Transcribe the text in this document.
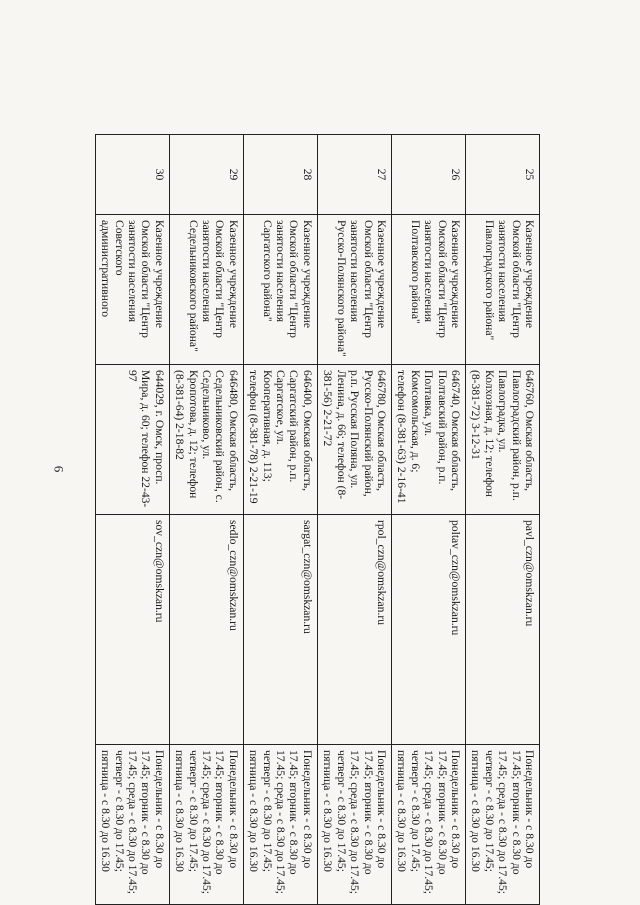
6
25	Казенное учреждение Омской области "Центр занятости населения Павлоградского района"	646760, Омская область, Павлоградский район, р.п. Павлоградка, ул. Колхозная, д. 12; телефон (8-381-72) 3-12-31	pavl_czn@omskzan.ru	Понедельник - с 8.30 до 17.45; вторник - с 8.30 до 17.45; среда - с 8.30 до 17.45; четверг - с 8.30 до 17.45; пятница - с 8.30 до 16.30
26	Казенное учреждение Омской области "Центр занятости населения Полтавского района"	646740, Омская область, Полтавский район, р.п. Полтавка, ул. Комсомольская, д. 6; телефон (8-381-63) 2-16-41	poltav_czn@omskzan.ru	Понедельник - с 8.30 до 17.45; вторник - с 8.30 до 17.45; среда - с 8.30 до 17.45; четверг - с 8.30 до 17.45; пятница - с 8.30 до 16.30
27	Казенное учреждение Омской области "Центр занятости населения Русско-Полянского района"	646780, Омская область, Русско-Полянский район, р.п. Русская Поляна, ул. Ленина, д. 66; телефон (8-381-56) 2-21-72	rpol_czn@omskzan.ru	Понедельник - с 8.30 до 17.45; вторник - с 8.30 до 17.45; среда - с 8.30 до 17.45; четверг - с 8.30 до 17.45; пятница - с 8.30 до 16.30
28	Казенное учреждение Омской области "Центр занятости населения Саргатского района"	646400, Омская область, Саргатский район, р.п. Саргатское, ул. Кооперативная, д. 113; телефон (8-381-78) 2-21-19	sargat_czn@omskzan.ru	Понедельник - с 8.30 до 17.45; вторник - с 8.30 до 17.45; среда - с 8.30 до 17.45; четверг - с 8.30 до 17.45; пятница - с 8.30 до 16.30
29	Казенное учреждение Омской области "Центр занятости населения Седельниковского района"	646480, Омская область, Седельниковский район, с. Седельниково, ул. Кропотова, д. 12; телефон (8-381-64) 2-18-82	sedlo_czn@omskzan.ru	Понедельник - с 8.30 до 17.45; вторник - с 8.30 до 17.45; среда - с 8.30 до 17.45; четверг - с 8.30 до 17.45; пятница - с 8.30 до 16.30
30	Казенное учреждение Омской области "Центр занятости населения Советского административного	644029, г. Омск, просп. Мира, д. 60; телефон 22-43-97	sov_czn@omskzan.ru	Понедельник - с 8.30 до 17.45; вторник - с 8.30 до 17.45; среда - с 8.30 до 17.45; четверг - с 8.30 до 17.45; пятница - с 8.30 до 16.30
